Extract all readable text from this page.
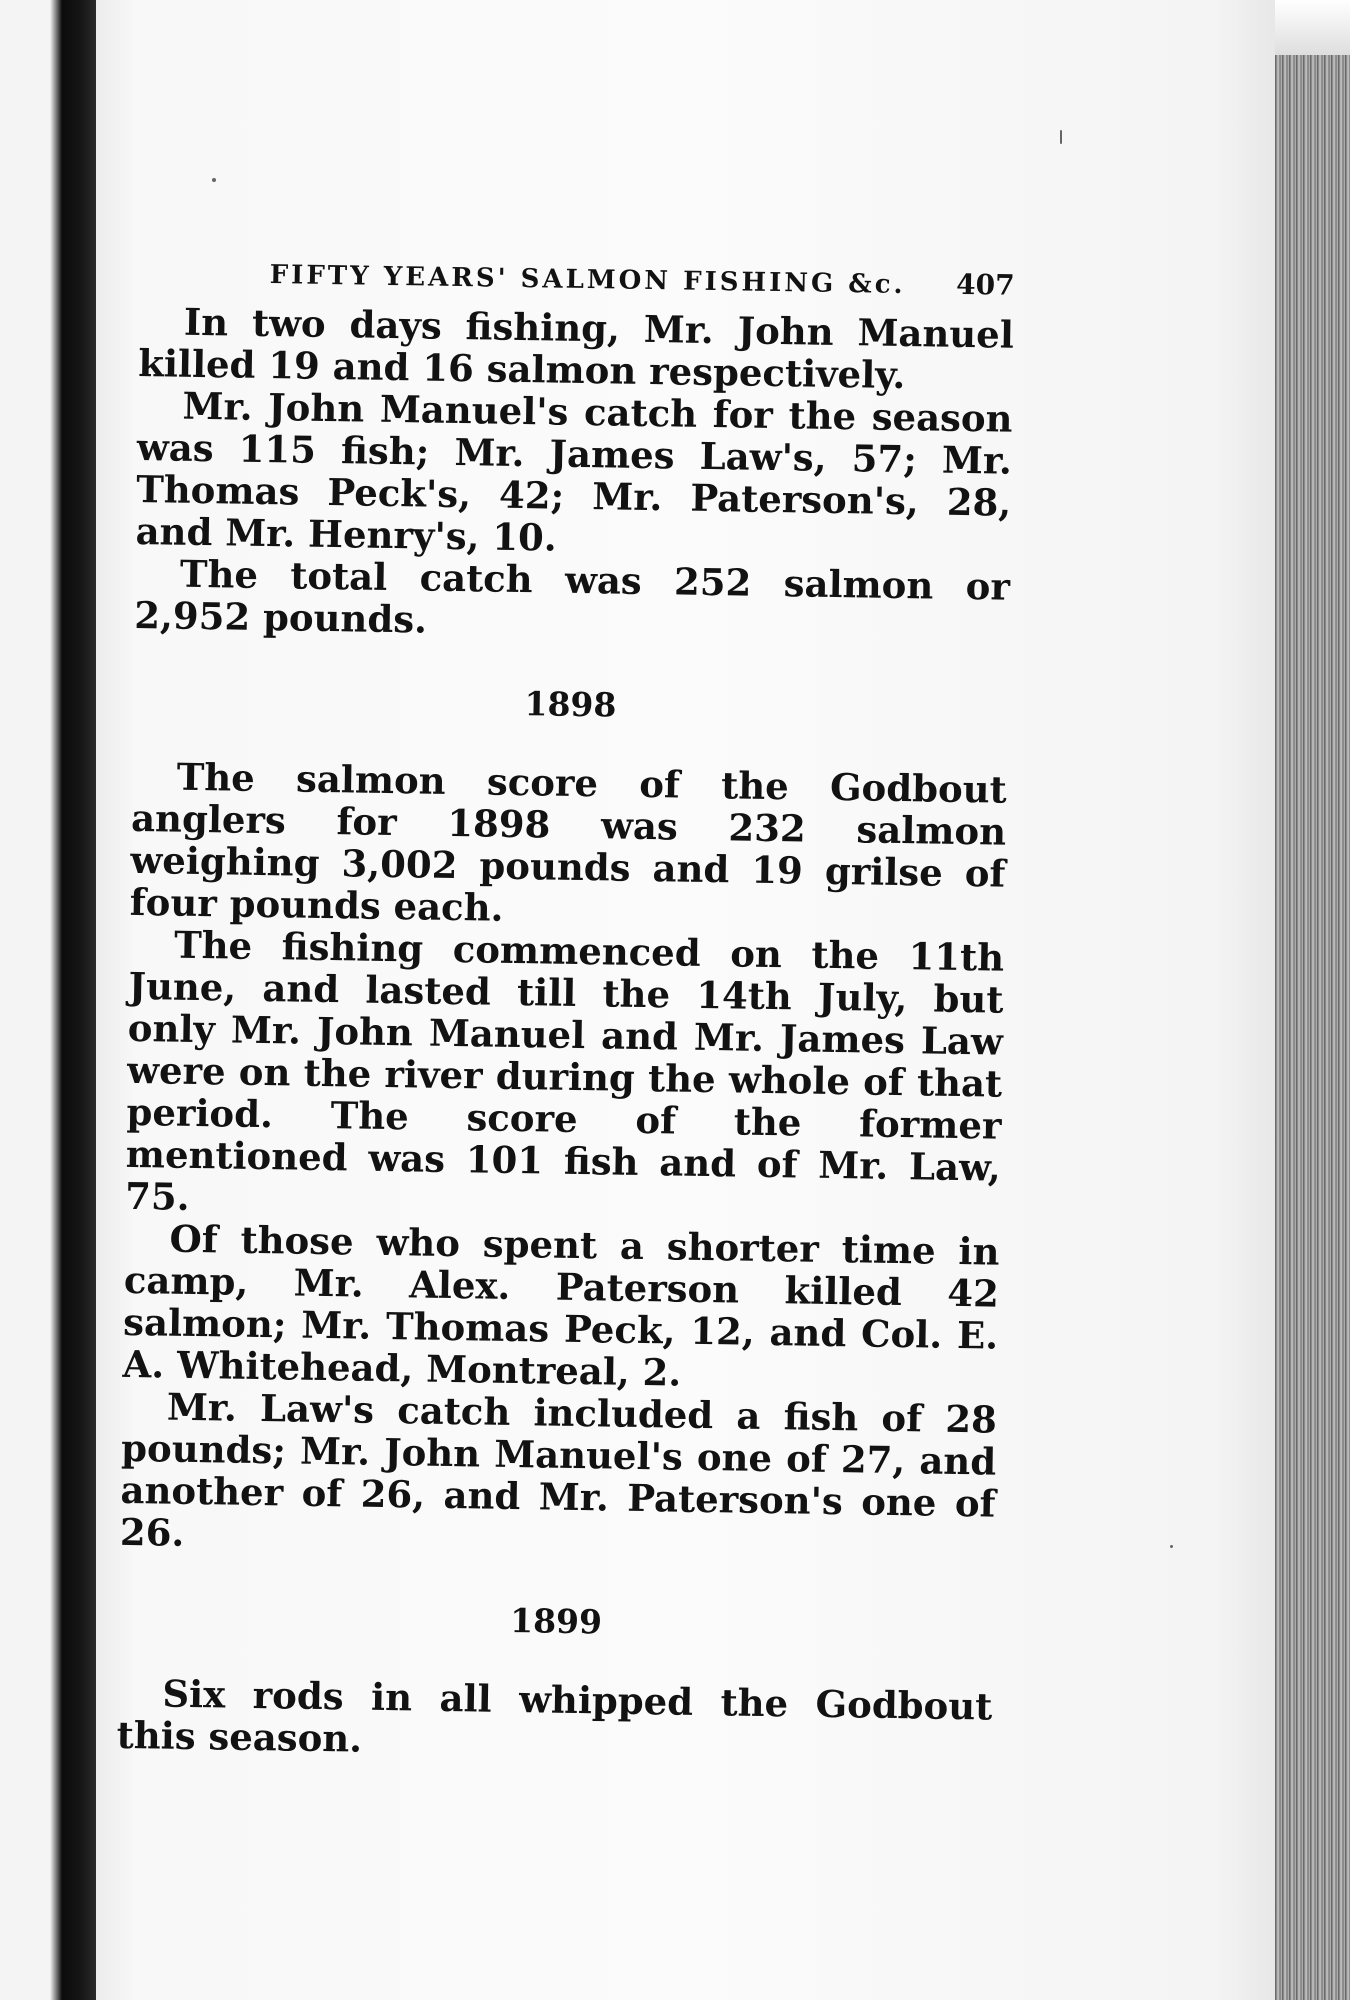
FIFTY YEARS' SALMON FISHING &c. 407

In two days fishing, Mr. John Manuel killed 19 and 16 salmon respectively.

Mr. John Manuel's catch for the season was 115 fish; Mr. James Law's, 57; Mr. Thomas Peck's, 42; Mr. Paterson's, 28, and Mr. Henry's, 10.

The total catch was 252 salmon or 2,952 pounds.

1898

The salmon score of the Godbout anglers for 1898 was 232 salmon weighing 3,002 pounds and 19 grilse of four pounds each.

The fishing commenced on the 11th June, and lasted till the 14th July, but only Mr. John Manuel and Mr. James Law were on the river during the whole of that period. The score of the former mentioned was 101 fish and of Mr. Law, 75.

Of those who spent a shorter time in camp, Mr. Alex. Paterson killed 42 salmon; Mr. Thomas Peck, 12, and Col. E. A. Whitehead, Montreal, 2.

Mr. Law's catch included a fish of 28 pounds; Mr. John Manuel's one of 27, and another of 26, and Mr. Paterson's one of 26.

1899

Six rods in all whipped the Godbout this season.
